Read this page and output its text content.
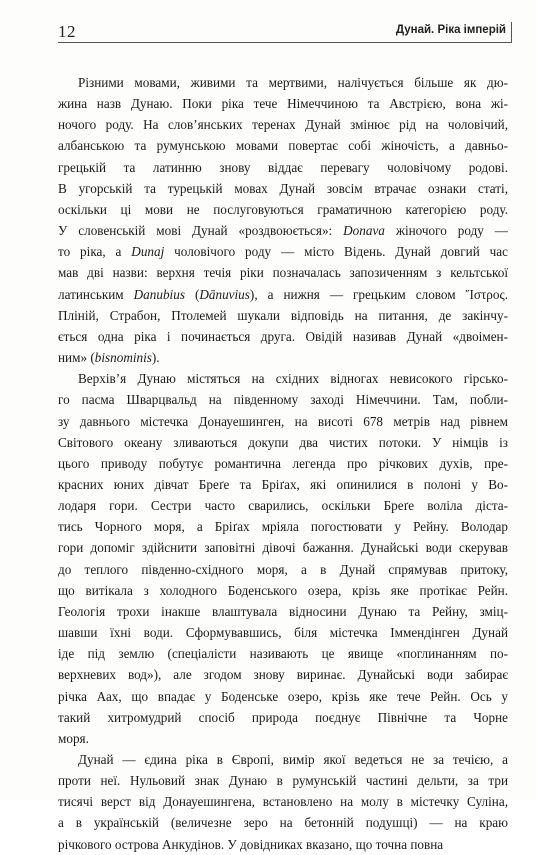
12	Дунай. Ріка імперій
Різними мовами, живими та мертвими, налічується більше як дю-
жина назв Дунаю. Поки ріка тече Німеччиною та Австрією, вона жі-
ночого роду. На слов’янських теренах Дунай змінює рід на чоловічий,
албанською та румунською мовами повертає собі жіночість, а давньо-
грецькій та латинню знову віддає перевагу чоловічому родові.
В угорській та турецькій мовах Дунай зовсім втрачає ознаки статі,
оскільки ці мови не послуговуються граматичною категорією роду.
У словенській мові Дунай «роздвоюється»: Donava жіночого роду —
то ріка, а Dunaj чоловічого роду — місто Відень. Дунай довгий час
мав дві назви: верхня течія ріки позначалась запозиченням з кельтської
латинським Danubius (Dānuvius), а нижня — грецьким словом Ἴστρος.
Пліній, Страбон, Птолемей шукали відповідь на питання, де закінчу-
ється одна ріка і починається друга. Овідій називав Дунай «двоімен-
ним» (bisnominis).
Верхів’я Дунаю містяться на східних відногах невисокого гірсько-
го пасма Шварцвальд на південному заході Німеччини. Там, побли-
зу давнього містечка Донауешинген, на висоті 678 метрів над рівнем
Світового океану зливаються докупи два чистих потоки. У німців із
цього приводу побутує романтична легенда про річкових духів, пре-
красних юних дівчат Бреґе та Бріґах, які опинилися в полоні у Во-
лодаря гори. Сестри часто сварились, оскільки Бреґе воліла діста-
тись Чорного моря, а Бріґах мріяла погостювати у Рейну. Володар
гори допоміг здійснити заповітні дівочі бажання. Дунайські води скерував
до теплого південно-східного моря, а в Дунай спрямував притоку,
що витікала з холодного Боденського озера, крізь яке протікає Рейн.
Геологія трохи інакше влаштувала відносини Дунаю та Рейну, зміц-
шавши їхні води. Сформувавшись, біля містечка Іммендінген Дунай
іде під землю (спеціалісти називають це явище «поглинанням по-
верхневих вод»), але згодом знову виринає. Дунайські води забирає
річка Аах, що впадає у Боденське озеро, крізь яке тече Рейн. Ось у
такий хитромудрий спосіб природа поєднує Північне та Чорне
моря.
Дунай — єдина ріка в Європі, вимір якої ведеться не за течією, а
проти неї. Нульовий знак Дунаю в румунській частині дельти, за три
тисячі верст від Донауешингена, встановлено на молу в містечку Суліна,
а в українській (величезне зеро на бетонній подушці) — на краю
річкового острова Анкудінов. У довідниках вказано, що точна повна
